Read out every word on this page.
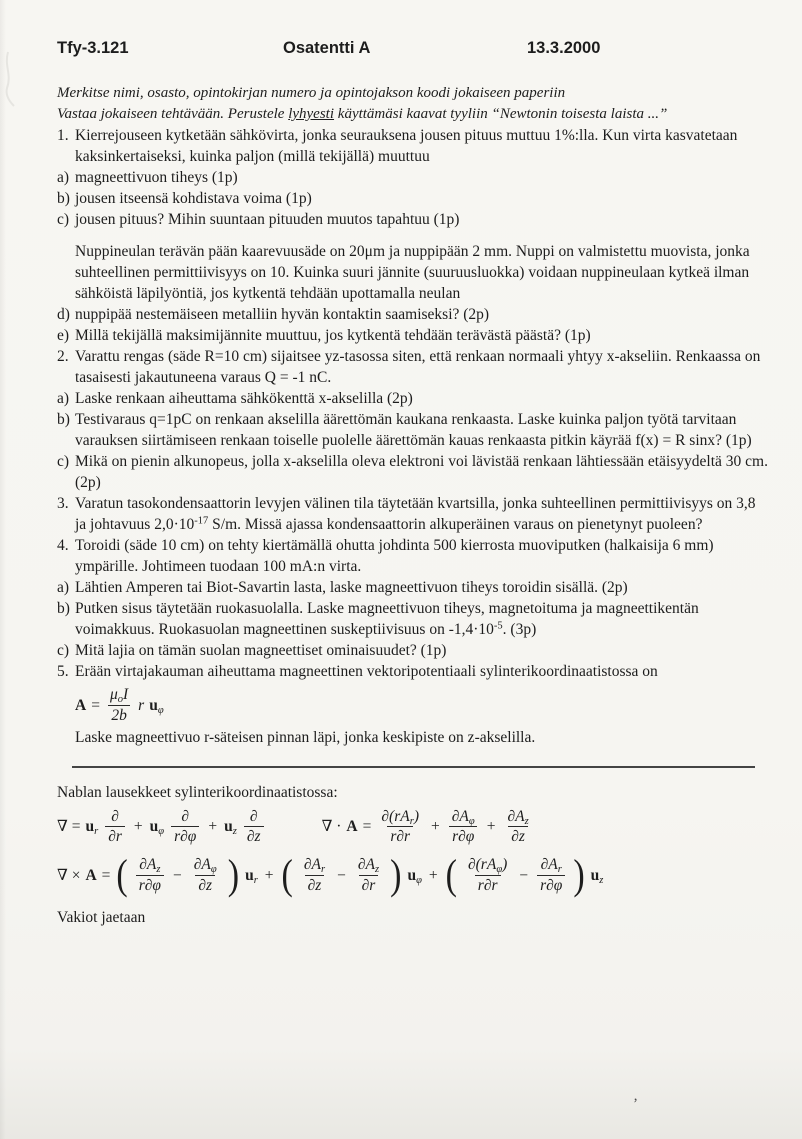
Tfy-3.121	Osatentti A	13.3.2000
Merkitse nimi, osasto, opintokirjan numero ja opintojakson koodi jokaiseen paperiin
Vastaa jokaiseen tehtävään. Perustele lyhyesti käyttämäsi kaavat tyyliin “Newtonin toisesta laista ...”
1. Kierrejouseen kytketään sähkövirta, jonka seurauksena jousen pituus muttuu 1%:lla. Kun virta kasvatetaan kaksinkertaiseksi, kuinka paljon (millä tekijällä) muuttuu
a) magneettivuon tiheys (1p)
b) jousen itseensä kohdistava voima (1p)
c) jousen pituus? Mihin suuntaan pituuden muutos tapahtuu (1p)
Nuppineulan terävän pään kaarevuusäde on 20μm ja nuppipään 2 mm. Nuppi on valmistettu muovista, jonka suhteellinen permittiivisyys on 10. Kuinka suuri jännite (suuruusluokka) voidaan nuppineulaan kytkeä ilman sähköistä läpilyöntiä, jos kytkentä tehdään upottamalla neulan
d) nuppipää nestemäiseen metalliin hyvän kontaktin saamiseksi? (2p)
e) Millä tekijällä maksimijännite muuttuu, jos kytkentä tehdään terävästä päästä? (1p)
2. Varattu rengas (säde R=10 cm) sijaitsee yz-tasossa siten, että renkaan normaali yhtyy x-akseliin. Renkaassa on tasaisesti jakautuneena varaus Q = -1 nC.
a) Laske renkaan aiheuttama sähkökenttä x-akselilla (2p)
b) Testivaraus q=1pC on renkaan akselilla äärettömän kaukana renkaasta. Laske kuinka paljon työtä tarvitaan varauksen siirtämiseen renkaan toiselle puolelle äärettömän kauas renkaasta pitkin käyrää f(x) = R sinx? (1p)
c) Mikä on pienin alkunopeus, jolla x-akselilla oleva elektroni voi lävistää renkaan lähtiessään etäisyydeltä 30 cm. (2p)
3. Varatun tasokondensaattorin levyjen välinen tila täytetään kvartsilla, jonka suhteellinen permittiivisyys on 3,8 ja johtavuus $2,0\cdot 10^{-17}$ S/m. Missä ajassa kondensaattorin alkuperäinen varaus on pienetynyt puoleen?
4. Toroidi (säde 10 cm) on tehty kiertämällä ohutta johdinta 500 kierrosta muoviputken (halkaisija 6 mm) ympärille. Johtimeen tuodaan 100 mA:n virta.
a) Lähtien Amperen tai Biot-Savartin lasta, laske magneettivuon tiheys toroidin sisällä. (2p)
b) Putken sisus täytetään ruokasuolalla. Laske magneettivuon tiheys, magnetoituma ja magneettikentän voimakkuus. Ruokasuolan magneettinen suskeptiivisuus on $-1,4\cdot 10^{-5}$. (3p)
c) Mitä lajia on tämän suolan magneettiset ominaisuudet? (1p)
5. Erään virtajakauman aiheuttama magneettinen vektoripotentiaali sylinterikoordinaatistossa on
$A = \frac{\mu_oI}{2b}$ r $u_\varphi$
Laske magneettivuo r-säteisen pinnan läpi, jonka keskipiste on z-akselilla.
Nablan lausekkeet sylinterikoordinaatistossa:
∇ = $u_r \frac{\partial}{\partial r} + u_\varphi \frac{\partial}{r\partial\varphi} + u_z \frac{\partial}{\partial z}$	∇ · $A = \frac{\partial(rA_r)}{r\partial r} + \frac{\partial A_\varphi}{r\partial\varphi} + \frac{\partial A_z}{\partial z}$
∇ × A = ( $\frac{\partial A_z}{r\partial\varphi} - \frac{\partial A_\varphi}{\partial z}$ ) $u_r$ + ( $\frac{\partial A_r}{\partial z} - \frac{\partial A_z}{\partial r}$ ) $u_\varphi$ + ( $\frac{\partial(rA_\varphi)}{r\partial r} - \frac{\partial A_r}{r\partial\varphi}$ ) $u_z$
Vakiot jaetaan
’
